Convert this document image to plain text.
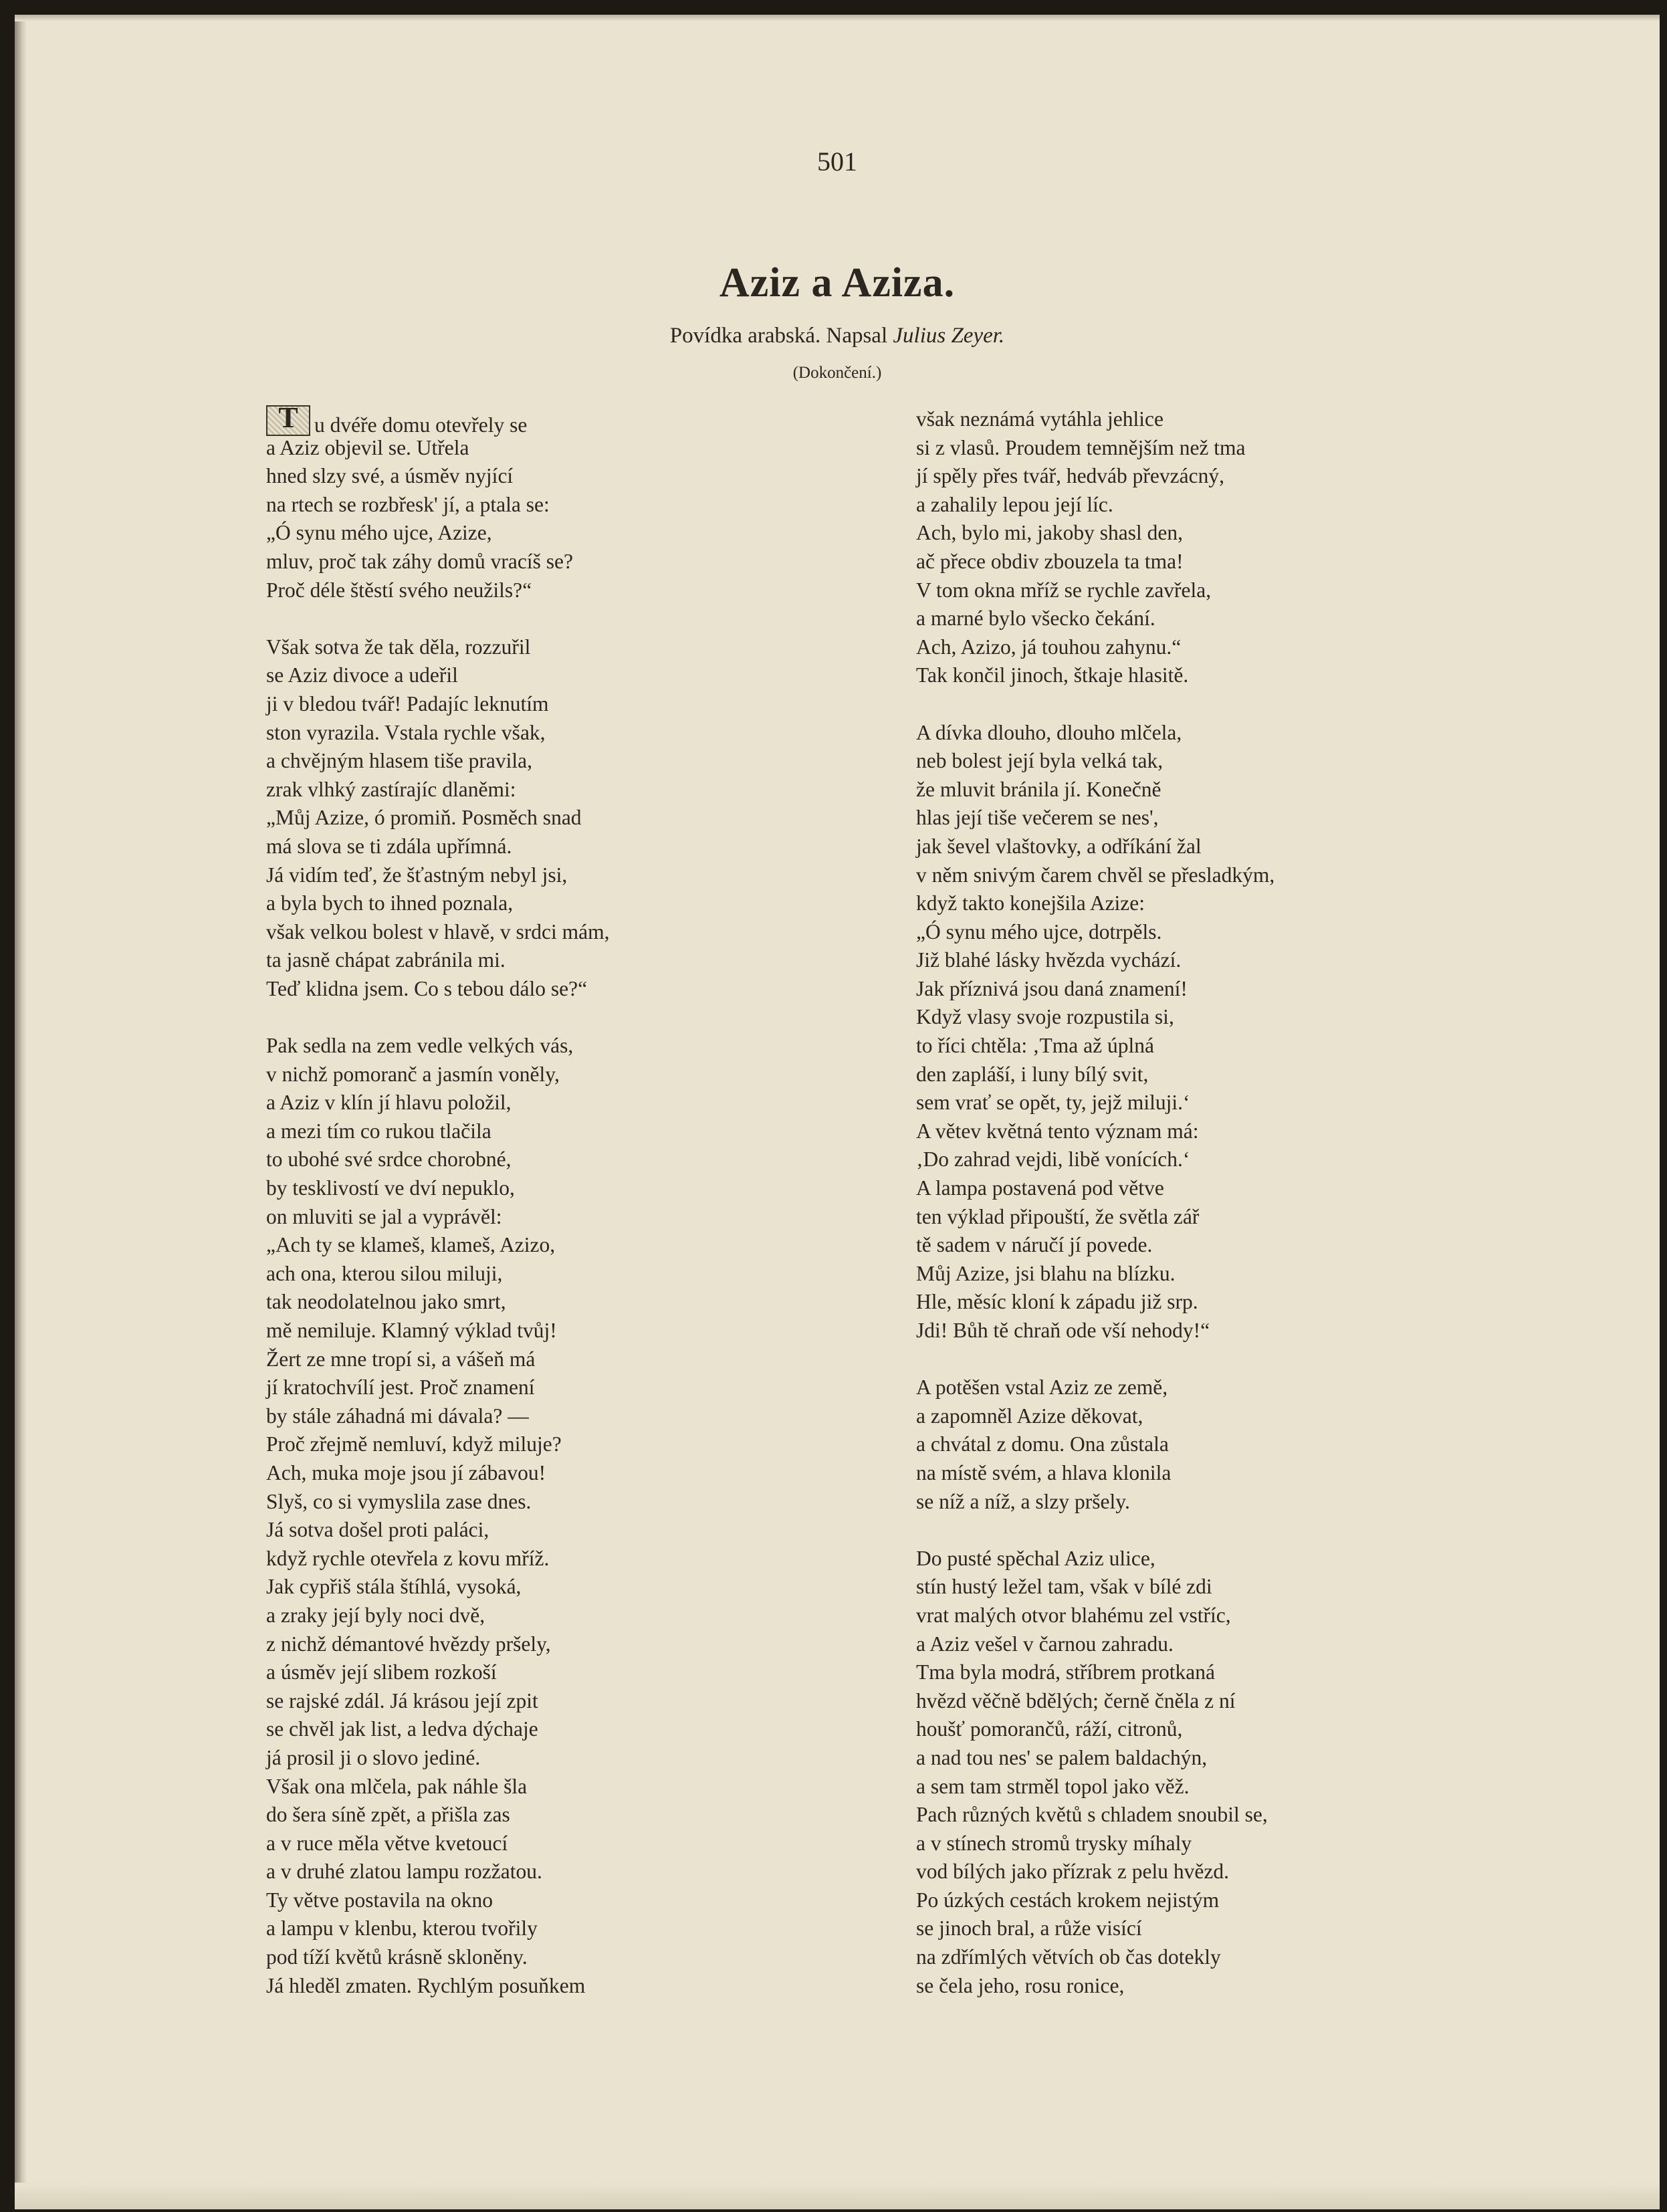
501
Aziz a Aziza.
Povídka arabská. Napsal Julius Zeyer.
(Dokončení.)
T u dvéře domu otevřely se
a Aziz objevil se. Utřela
hned slzy své, a úsměv nyjící
na rtech se rozbřesk' jí, a ptala se:
„Ó synu mého ujce, Azize,
mluv, proč tak záhy domů vracíš se?
Proč déle štěstí svého neužils?“
Však sotva že tak děla, rozzuřil
se Aziz divoce a udeřil
ji v bledou tvář! Padajíc leknutím
ston vyrazila. Vstala rychle však,
a chvějným hlasem tiše pravila,
zrak vlhký zastírajíc dlaněmi:
„Můj Azize, ó promiň. Posměch snad
má slova se ti zdála upřímná.
Já vidím teď, že šťastným nebyl jsi,
a byla bych to ihned poznala,
však velkou bolest v hlavě, v srdci mám,
ta jasně chápat zabránila mi.
Teď klidna jsem. Co s tebou dálo se?“
Pak sedla na zem vedle velkých vás,
v nichž pomoranč a jasmín voněly,
a Aziz v klín jí hlavu položil,
a mezi tím co rukou tlačila
to ubohé své srdce chorobné,
by tesklivostí ve dví nepuklo,
on mluviti se jal a vyprávěl:
„Ach ty se klameš, klameš, Azizo,
ach ona, kterou silou miluji,
tak neodolatelnou jako smrt,
mě nemiluje. Klamný výklad tvůj!
Žert ze mne tropí si, a vášeň má
jí kratochvílí jest. Proč znamení
by stále záhadná mi dávala? —
Proč zřejmě nemluví, když miluje?
Ach, muka moje jsou jí zábavou!
Slyš, co si vymyslila zase dnes.
Já sotva došel proti paláci,
když rychle otevřela z kovu mříž.
Jak cypřiš stála štíhlá, vysoká,
a zraky její byly noci dvě,
z nichž démantové hvězdy pršely,
a úsměv její slibem rozkoší
se rajské zdál. Já krásou její zpit
se chvěl jak list, a ledva dýchaje
já prosil ji o slovo jediné.
Však ona mlčela, pak náhle šla
do šera síně zpět, a přišla zas
a v ruce měla větve kvetoucí
a v druhé zlatou lampu rozžatou.
Ty větve postavila na okno
a lampu v klenbu, kterou tvořily
pod tíží květů krásně skloněny.
Já hleděl zmaten. Rychlým posuňkem
však neznámá vytáhla jehlice
si z vlasů. Proudem temnějším než tma
jí spěly přes tvář, hedváb převzácný,
a zahalily lepou její líc.
Ach, bylo mi, jakoby shasl den,
ač přece obdiv zbouzela ta tma!
V tom okna mříž se rychle zavřela,
a marné bylo všecko čekání.
Ach, Azizo, já touhou zahynu.“
Tak končil jinoch, štkaje hlasitě.
A dívka dlouho, dlouho mlčela,
neb bolest její byla velká tak,
že mluvit bránila jí. Konečně
hlas její tiše večerem se nes',
jak ševel vlaštovky, a odříkání žal
v něm snivým čarem chvěl se přesladkým,
když takto konejšila Azize:
„Ó synu mého ujce, dotrpěls.
Již blahé lásky hvězda vychází.
Jak příznivá jsou daná znamení!
Když vlasy svoje rozpustila si,
to říci chtěla: ‚Tma až úplná
den zapláší, i luny bílý svit,
sem vrať se opět, ty, jejž miluji.‘
A větev květná tento význam má:
‚Do zahrad vejdi, libě vonících.‘
A lampa postavená pod větve
ten výklad připouští, že světla zář
tě sadem v náručí jí povede.
Můj Azize, jsi blahu na blízku.
Hle, měsíc kloní k západu již srp.
Jdi! Bůh tě chraň ode vší nehody!“
A potěšen vstal Aziz ze země,
a zapomněl Azize děkovat,
a chvátal z domu. Ona zůstala
na místě svém, a hlava klonila
se níž a níž, a slzy pršely.
Do pusté spěchal Aziz ulice,
stín hustý ležel tam, však v bílé zdi
vrat malých otvor blahému zel vstříc,
a Aziz vešel v čarnou zahradu.
Tma byla modrá, stříbrem protkaná
hvězd věčně bdělých; černě čněla z ní
houšť pomorančů, ráží, citronů,
a nad tou nes' se palem baldachýn,
a sem tam strměl topol jako věž.
Pach různých květů s chladem snoubil se,
a v stínech stromů trysky míhaly
vod bílých jako přízrak z pelu hvězd.
Po úzkých cestách krokem nejistým
se jinoch bral, a růže visící
na zdřímlých větvích ob čas dotekly
se čela jeho, rosu ronice,
